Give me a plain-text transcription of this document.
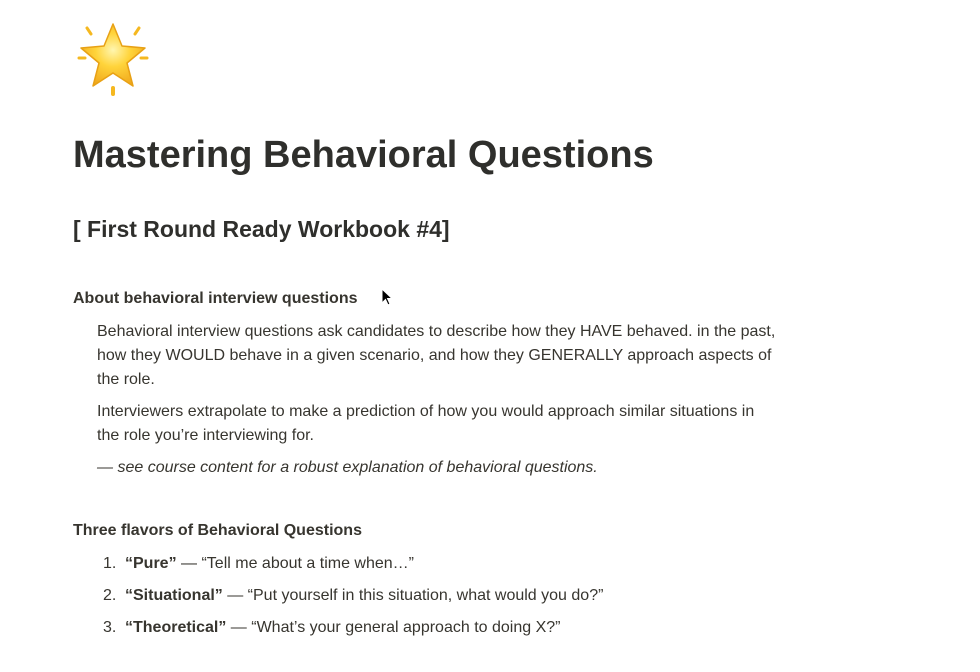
Mastering Behavioral Questions
[ First Round Ready Workbook #4]
About behavioral interview questions

Behavioral interview questions ask candidates to describe how they HAVE behaved. in the past, how they WOULD behave in a given scenario, and how they GENERALLY approach aspects of the role.

Interviewers extrapolate to make a prediction of how you would approach similar situations in the role you’re interviewing for.

— see course content for a robust explanation of behavioral questions.

Three flavors of Behavioral Questions
1. “Pure” — “Tell me about a time when…”
2. “Situational” — “Put yourself in this situation, what would you do?”
3. “Theoretical” — “What’s your general approach to doing X?”
